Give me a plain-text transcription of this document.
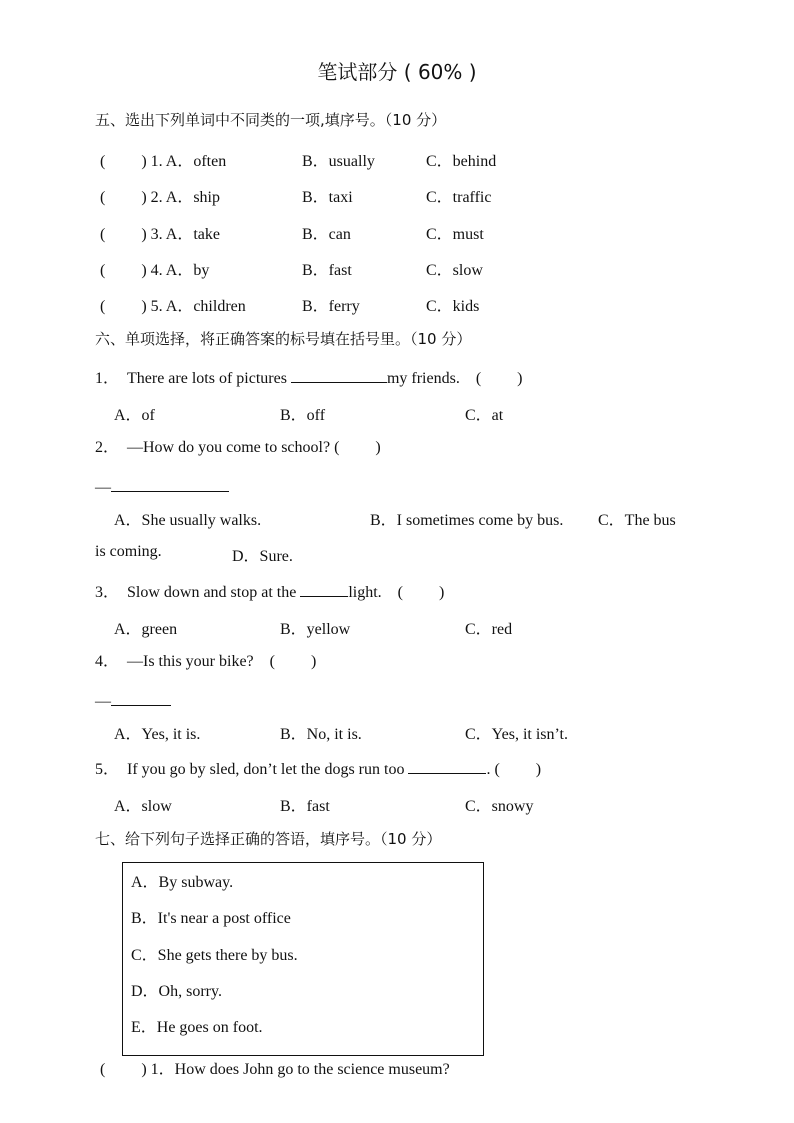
笔试部分 ( 60% )
五、选出下列单词中不同类的一项,填序号。（10 分）
(　　 ) 1. A．often	B．usually	C．behind
(　　 ) 2. A．ship	B．taxi	C．traffic
(　　 ) 3. A．take	B．can	C．must
(　　 ) 4. A．by	B．fast	C．slow
(　　 ) 5. A．children	B．ferry	C．kids
六、单项选择，将正确答案的标号填在括号里。（10 分）
1．　There are lots of pictures	my friends.　(　　 )
A．of	B．off	C．at
2．　—How do you come to school? (　　 )
—
A．She usually walks.	B．I sometimes come by bus. C．The bus
is coming.	D．Sure.
3．　Slow down and stop at the	light.　(　　 )
A．green	B．yellow	C．red
4．　—Is this your bike?　(　　 )
—
A．Yes, it is.	B．No, it is.	C．Yes, it isn’t.
5．　If you go by sled, don’t let the dogs run too	. (　　 )
A．slow	B．fast	C．snowy
七、给下列句子选择正确的答语，填序号。（10 分）
A．By subway.
B．It's near a post office
C．She gets there by bus.
D．Oh, sorry.
E．He goes on foot.
(　　 ) 1．How does John go to the science museum?
